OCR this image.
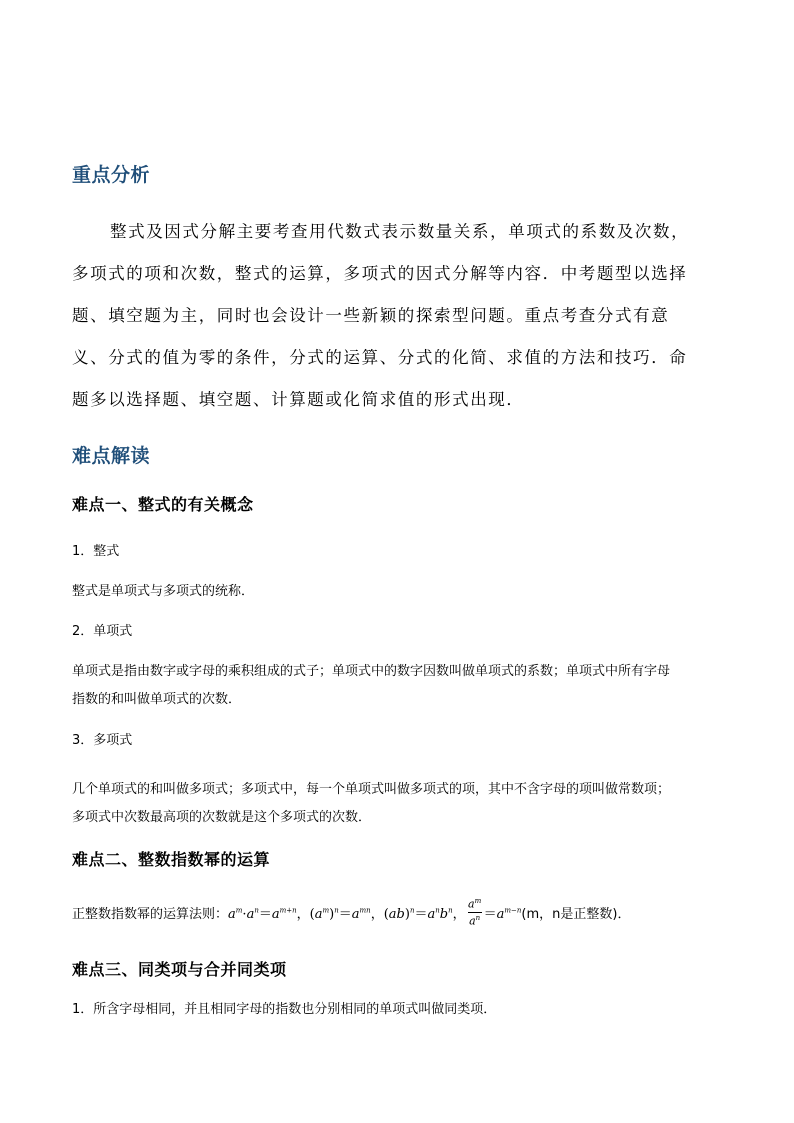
重点分析
整式及因式分解主要考查用代数式表示数量关系，单项式的系数及次数，
多项式的项和次数，整式的运算，多项式的因式分解等内容．中考题型以选择
题、填空题为主，同时也会设计一些新颖的探索型问题。重点考查分式有意
义、分式的值为零的条件，分式的运算、分式的化简、求值的方法和技巧．命
题多以选择题、填空题、计算题或化简求值的形式出现．
难点解读
难点一、整式的有关概念
1．整式
整式是单项式与多项式的统称．
2．单项式
单项式是指由数字或字母的乘积组成的式子；单项式中的数字因数叫做单项式的系数；单项式中所有字母
指数的和叫做单项式的次数．
3．多项式
几个单项式的和叫做多项式；多项式中，每一个单项式叫做多项式的项，其中不含字母的项叫做常数项；
多项式中次数最高项的次数就是这个多项式的次数．
难点二、整数指数幂的运算
正整数指数幂的运算法则： $a^m\cdot a^n=a^{m+n}$， $(a^m)^n=a^{mn}$， $(ab)^n=a^nb^n$， $\frac{a^m}{a^n} =a^{m-n}$ (m，n是正整数)．
难点三、同类项与合并同类项
1．所含字母相同，并且相同字母的指数也分别相同的单项式叫做同类项．
